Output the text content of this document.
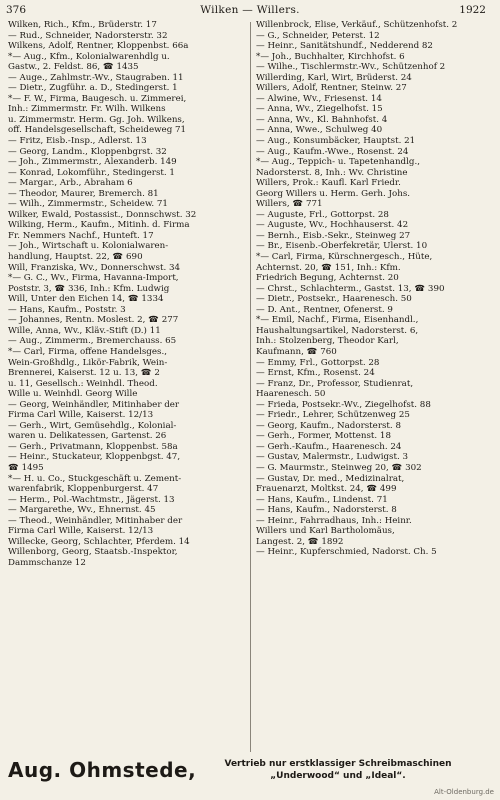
376	Wilken — Willers.	1922
Wilken, Rich., Kfm., Brüderstr. 17
— Rud., Schneider, Nadorsterstr. 32
Wilkens, Adolf, Rentner, Kloppenbst. 66a
*— Aug., Kfm., Kolonialwarenhdlg u.
Gastw., 2. Feldst. 86, ☎ 1435
— Auge., Zahlmstr.-Wv., Staugraben. 11
— Dietr., Zugführ. a. D., Stedingerst. 1
*— F. W., Firma, Baugesch. u. Zimmerei,
Inh.: Zimmermstr. Fr. Wilh. Wilkens
u. Zimmermstr. Herm. Gg. Joh. Wilkens,
off. Handelsgesellschaft, Scheideweg 71
— Fritz, Eisb.-Insp., Adlerst. 13
— Georg, Landm., Kloppenbgrst. 32
— Joh., Zimmermstr., Alexanderb. 149
— Konrad, Lokomführ., Stedingerst. 1
— Margar., Arb., Abraham 6
— Theodor, Maurer, Bremerch. 81
— Wilh., Zimmermstr., Scheidew. 71
Wilker, Ewald, Postassist., Donnschwst. 32
Wilking, Herm., Kaufm., Mitinh. d. Firma
Fr. Nemmers Nachf., Hunteft. 17
— Joh., Wirtschaft u. Kolonialwaren-
handlung, Hauptst. 22, ☎ 690
Will, Franziska, Wv., Donnerschwst. 34
*— G. C., Wv., Firma, Havanna-Import,
Poststr. 3, ☎ 336, Inh.: Kfm. Ludwig
Will, Unter den Eichen 14, ☎ 1334
— Hans, Kaufm., Poststr. 3
— Johannes, Rentn. Moslest. 2, ☎ 277
Wille, Anna, Wv., Kläv.-Stift (D.) 11
— Aug., Zimmerm., Bremerchauss. 65
*— Carl, Firma, offene Handelsges.,
Wein-Großhdlg., Likör-Fabrik, Wein-
Brennerei, Kaiserst. 12 u. 13, ☎ 2
u. 11, Gesellsch.: Weinhdl. Theod.
Wille u. Weinhdl. Georg Wille
— Georg, Weinhändler, Mitinhaber der
Firma Carl Wille, Kaiserst. 12/13
— Gerh., Wirt, Gemüsehdlg., Kolonial-
waren u. Delikatessen, Gartenst. 26
— Gerh., Privatmann, Kloppenbst. 58a
— Heinr., Stuckateur, Kloppenbgst. 47,
☎ 1495
*— H. u. Co., Stuckgeschäft u. Zement-
warenfabrik, Kloppenburgerst. 47
— Herm., Pol.-Wachtmstr., Jägerst. 13
— Margarethe, Wv., Ehnernst. 45
— Theod., Weinhändler, Mitinhaber der
Firma Carl Wille, Kaiserst. 12/13
Willecke, Georg, Schlachter, Pferdem. 14
Willenborg, Georg, Staatsb.-Inspektor,
Dammschanze 12
Willenbrock, Elise, Verkäuf., Schützenhofst. 2
— G., Schneider, Peterst. 12
— Heinr., Sanitätshundf., Nedderend 82
*— Joh., Buchhalter, Kirchhofst. 6
— Wilhe., Tischlermstr.-Wv., Schützenhof 2
Willerding, Karl, Wirt, Brüderst. 24
Willers, Adolf, Rentner, Steinw. 27
— Alwine, Wv., Friesenst. 14
— Anna, Wv., Ziegelhofst. 15
— Anna, Wv., Kl. Bahnhofst. 4
— Anna, Wwe., Schulweg 40
— Aug., Konsumbäcker, Hauptst. 21
— Aug., Kaufm.-Wwe., Rosenst. 24
*— Aug., Teppich- u. Tapetenhandlg.,
Nadorsterst. 8, Inh.: Wv. Christine
Willers, Prok.: Kaufl. Karl Friedr.
Georg Willers u. Herm. Gerh. Johs.
Willers, ☎ 771
— Auguste, Frl., Gottorpst. 28
— Auguste, Wv., Hochhauserst. 42
— Bernh., Eisb.-Sekr., Steinweg 27
— Br., Eisenb.-Oberfekretär, Ulerst. 10
*— Carl, Firma, Kürschnergesch., Hüte,
Achternst. 20, ☎ 151, Inh.: Kfm.
Friedrich Begung, Achternst. 20
— Chrst., Schlachterm., Gastst. 13, ☎ 390
— Dietr., Postsekr., Haarenesch. 50
— D. Ant., Rentner, Ofenerst. 9
*— Emil, Nachf., Firma, Eisenhandl.,
Haushaltungsartikel, Nadorsterst. 6,
Inh.: Stolzenberg, Theodor Karl,
Kaufmann, ☎ 760
— Emmy, Frl., Gottorpst. 28
— Ernst, Kfm., Rosenst. 24
— Franz, Dr., Professor, Studienrat,
Haarenesch. 50
— Frieda, Postsekr.-Wv., Ziegelhofst. 88
— Friedr., Lehrer, Schützenweg 25
— Georg, Kaufm., Nadorsterst. 8
— Gerh., Former, Mottenst. 18
— Gerh.-Kaufm., Haarenesch. 24
— Gustav, Malermstr., Ludwigst. 3
— G. Maurmstr., Steinweg 20, ☎ 302
— Gustav, Dr. med., Medizinalrat,
Frauenarzt, Moltkst. 24, ☎ 499
— Hans, Kaufm., Lindenst. 71
— Hans, Kaufm., Nadorsterst. 8
— Heinr., Fahrradhaus, Inh.: Heinr.
Willers und Karl Bartholomäus,
Langest. 2, ☎ 1892
— Heinr., Kupferschmied, Nadorst. Ch. 5
Aug. Ohmstede,	Vertrieb nur erstklassiger Schreibmaschinen
„Underwood“ und „Ideal“.
Alt-Oldenburg.de
